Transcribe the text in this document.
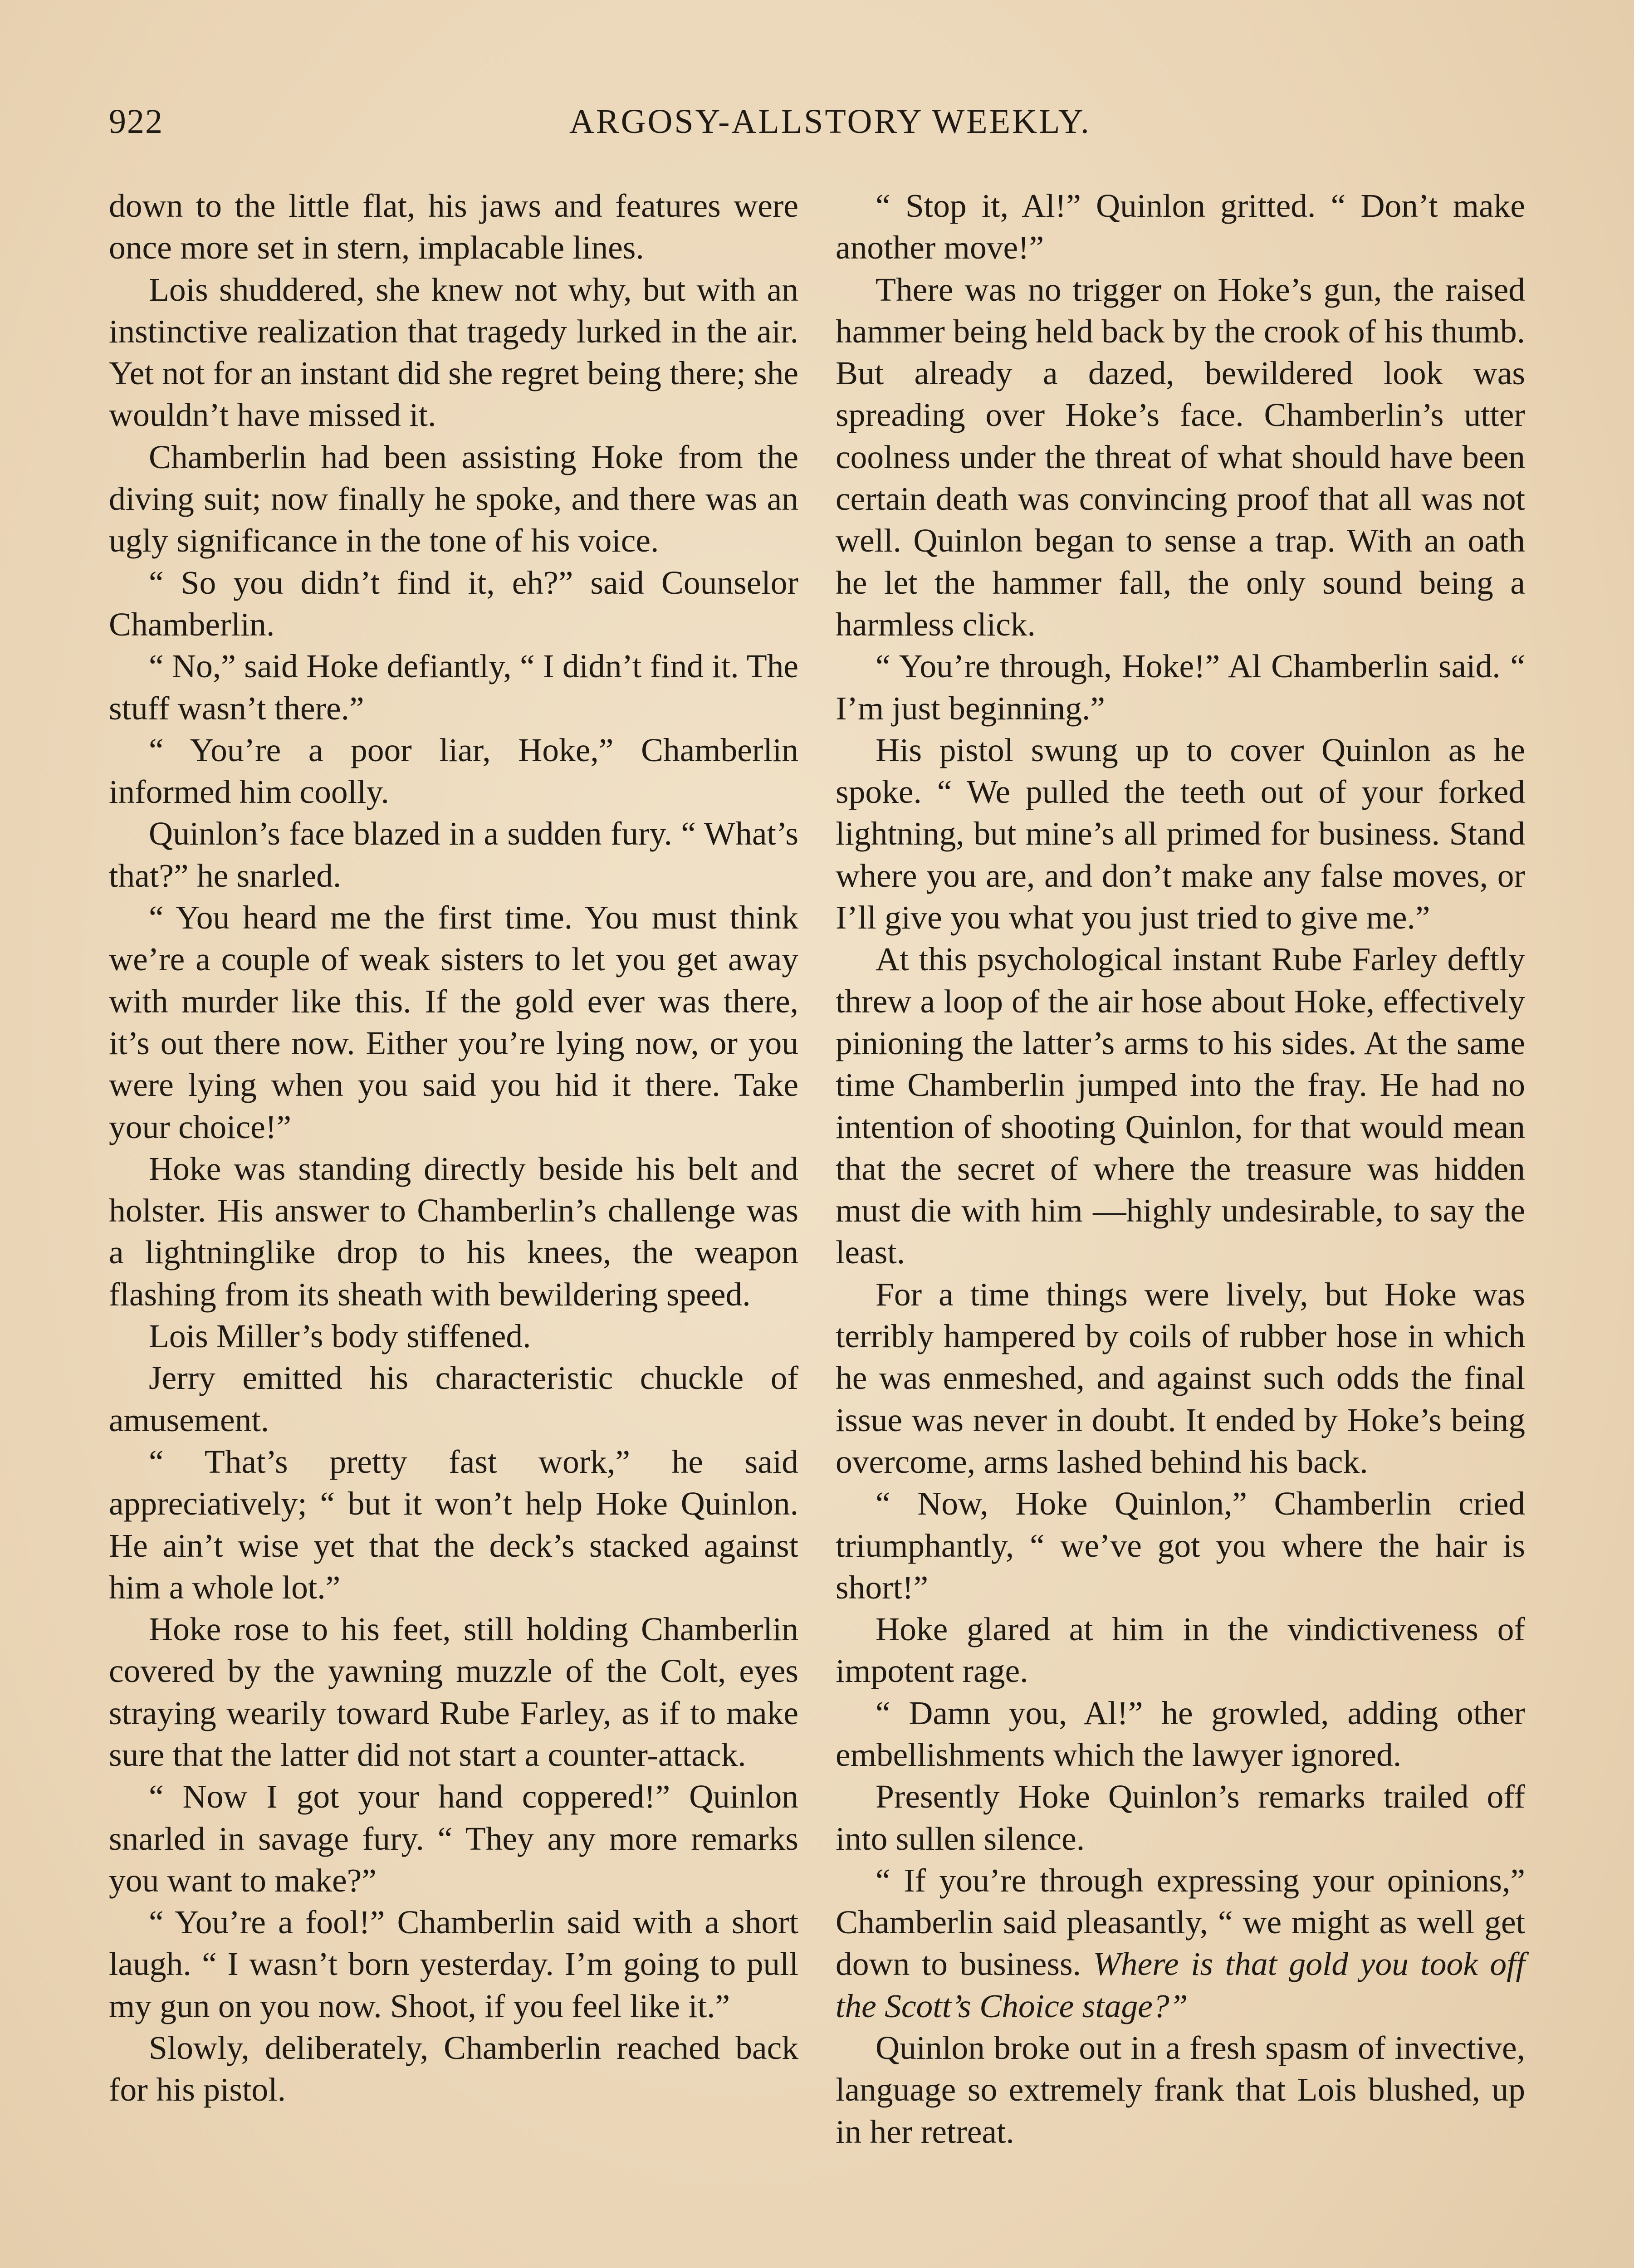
922	ARGOSY-ALLSTORY WEEKLY.

down to the little flat, his jaws and features were once more set in stern, implacable lines.

Lois shuddered, she knew not why, but with an instinctive realization that tragedy lurked in the air. Yet not for an instant did she regret being there; she wouldn’t have missed it.

Chamberlin had been assisting Hoke from the diving suit; now finally he spoke, and there was an ugly significance in the tone of his voice.

“ So you didn’t find it, eh?” said Counselor Chamberlin.

“ No,” said Hoke defiantly, “ I didn’t find it. The stuff wasn’t there.”

“ You’re a poor liar, Hoke,” Chamberlin informed him coolly.

Quinlon’s face blazed in a sudden fury. “ What’s that?” he snarled.

“ You heard me the first time. You must think we’re a couple of weak sisters to let you get away with murder like this. If the gold ever was there, it’s out there now. Either you’re lying now, or you were lying when you said you hid it there. Take your choice!”

Hoke was standing directly beside his belt and holster. His answer to Chamberlin’s challenge was a lightninglike drop to his knees, the weapon flashing from its sheath with bewildering speed.

Lois Miller’s body stiffened.

Jerry emitted his characteristic chuckle of amusement.

“ That’s pretty fast work,” he said appreciatively; “ but it won’t help Hoke Quinlon. He ain’t wise yet that the deck’s stacked against him a whole lot.”

Hoke rose to his feet, still holding Chamberlin covered by the yawning muzzle of the Colt, eyes straying wearily toward Rube Farley, as if to make sure that the latter did not start a counter-attack.

“ Now I got your hand coppered!” Quinlon snarled in savage fury. “ They any more remarks you want to make?”

“ You’re a fool!” Chamberlin said with a short laugh. “ I wasn’t born yesterday. I’m going to pull my gun on you now. Shoot, if you feel like it.”

Slowly, deliberately, Chamberlin reached back for his pistol.

“ Stop it, Al!” Quinlon gritted. “ Don’t make another move!”

There was no trigger on Hoke’s gun, the raised hammer being held back by the crook of his thumb. But already a dazed, bewildered look was spreading over Hoke’s face. Chamberlin’s utter coolness under the threat of what should have been certain death was convincing proof that all was not well. Quinlon began to sense a trap. With an oath he let the hammer fall, the only sound being a harmless click.

“ You’re through, Hoke!” Al Chamberlin said. “ I’m just beginning.”

His pistol swung up to cover Quinlon as he spoke. “ We pulled the teeth out of your forked lightning, but mine’s all primed for business. Stand where you are, and don’t make any false moves, or I’ll give you what you just tried to give me.”

At this psychological instant Rube Farley deftly threw a loop of the air hose about Hoke, effectively pinioning the latter’s arms to his sides. At the same time Chamberlin jumped into the fray. He had no intention of shooting Quinlon, for that would mean that the secret of where the treasure was hidden must die with him —highly undesirable, to say the least.

For a time things were lively, but Hoke was terribly hampered by coils of rubber hose in which he was enmeshed, and against such odds the final issue was never in doubt. It ended by Hoke’s being overcome, arms lashed behind his back.

“ Now, Hoke Quinlon,” Chamberlin cried triumphantly, “ we’ve got you where the hair is short!”

Hoke glared at him in the vindictiveness of impotent rage.

“ Damn you, Al!” he growled, adding other embellishments which the lawyer ignored.

Presently Hoke Quinlon’s remarks trailed off into sullen silence.

“ If you’re through expressing your opinions,” Chamberlin said pleasantly, “ we might as well get down to business. Where is that gold you took off the Scott’s Choice stage?”

Quinlon broke out in a fresh spasm of invective, language so extremely frank that Lois blushed, up in her retreat.
